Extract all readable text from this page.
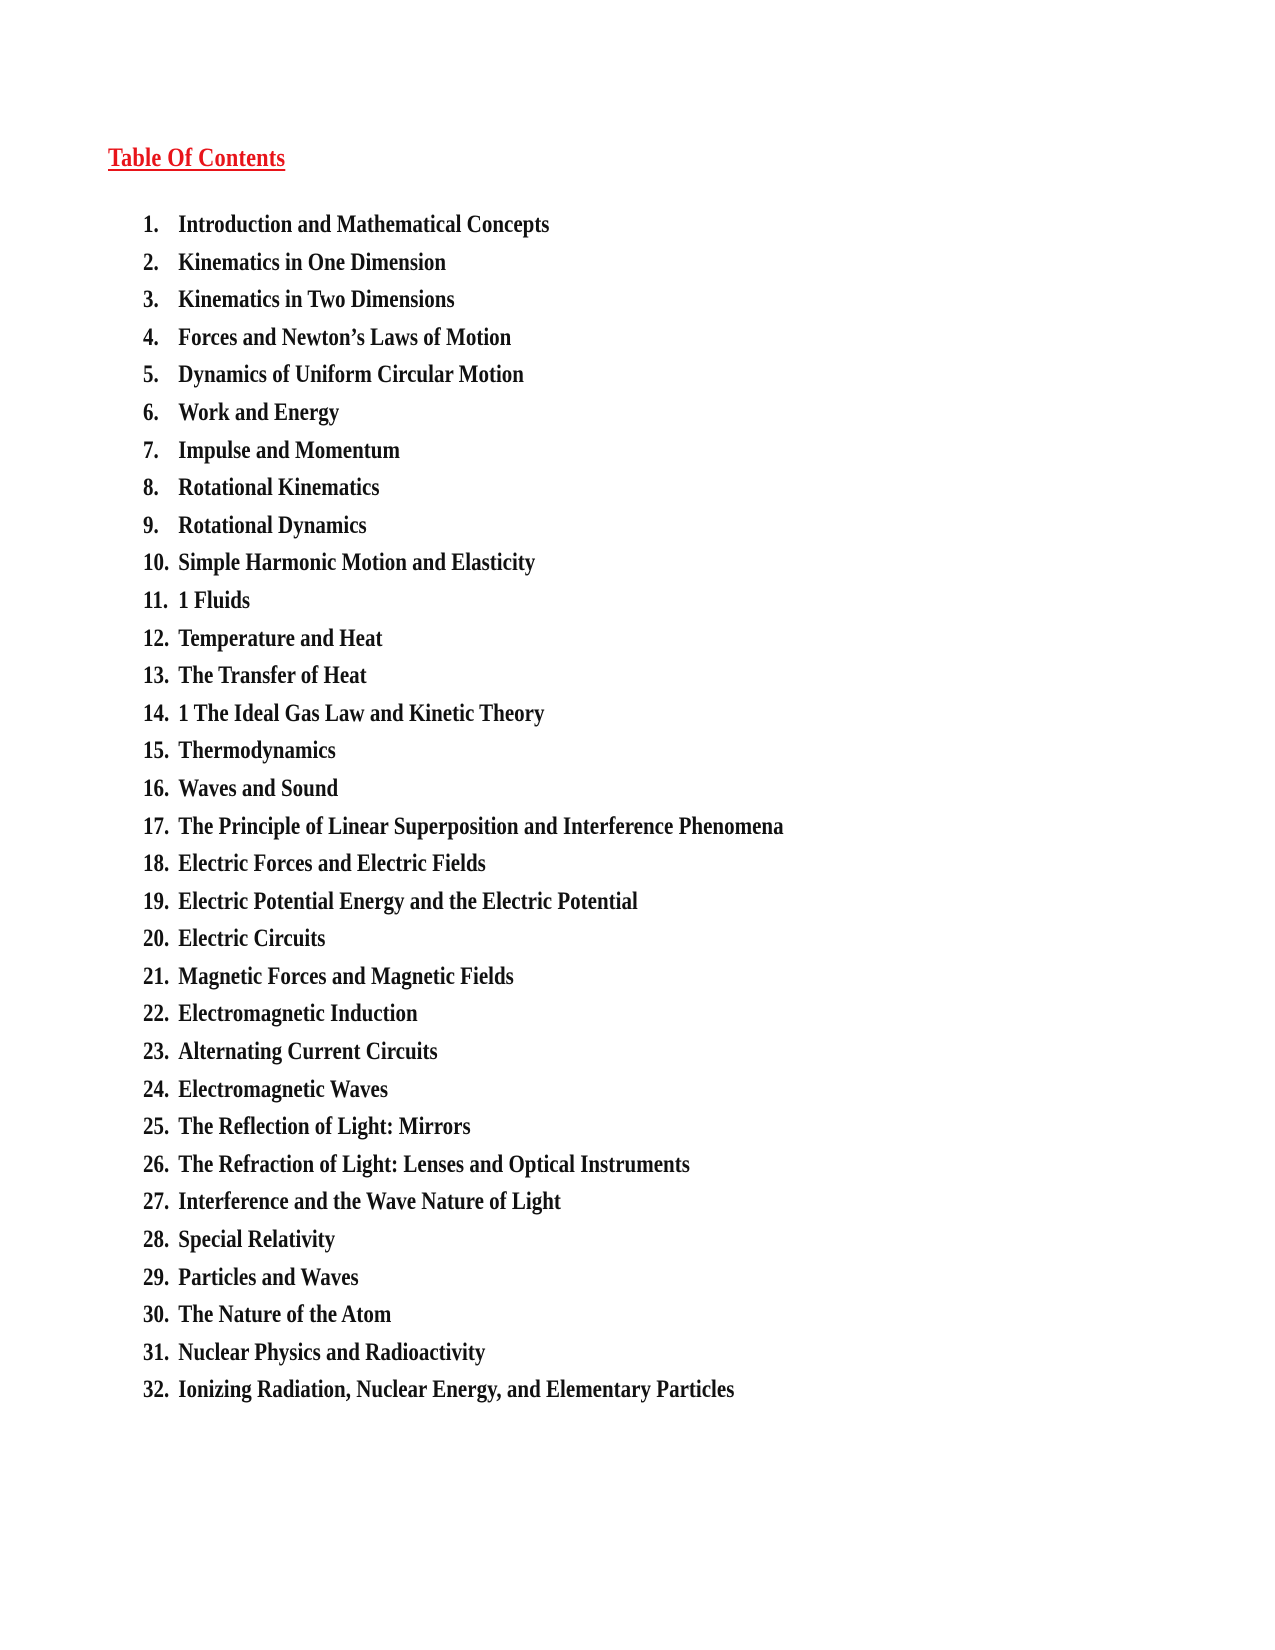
Table Of Contents
1. Introduction and Mathematical Concepts
2. Kinematics in One Dimension
3. Kinematics in Two Dimensions
4. Forces and Newton’s Laws of Motion
5. Dynamics of Uniform Circular Motion
6. Work and Energy
7. Impulse and Momentum
8. Rotational Kinematics
9. Rotational Dynamics
10. Simple Harmonic Motion and Elasticity
11. 1 Fluids
12. Temperature and Heat
13. The Transfer of Heat
14. 1 The Ideal Gas Law and Kinetic Theory
15. Thermodynamics
16. Waves and Sound
17. The Principle of Linear Superposition and Interference Phenomena
18. Electric Forces and Electric Fields
19. Electric Potential Energy and the Electric Potential
20. Electric Circuits
21. Magnetic Forces and Magnetic Fields
22. Electromagnetic Induction
23. Alternating Current Circuits
24. Electromagnetic Waves
25. The Reflection of Light: Mirrors
26. The Refraction of Light: Lenses and Optical Instruments
27. Interference and the Wave Nature of Light
28. Special Relativity
29. Particles and Waves
30. The Nature of the Atom
31. Nuclear Physics and Radioactivity
32. Ionizing Radiation, Nuclear Energy, and Elementary Particles
